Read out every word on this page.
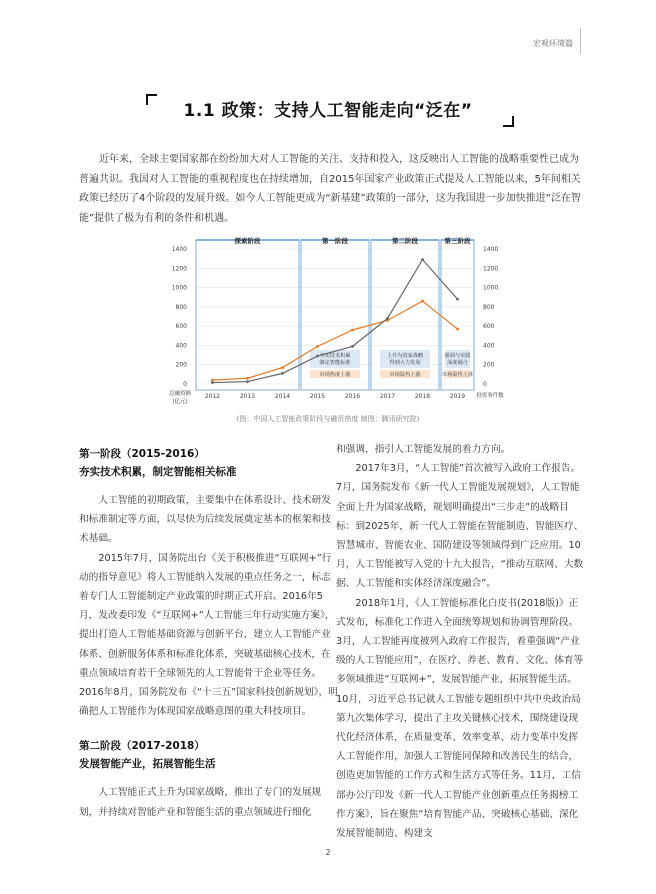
宏观环境篇
1.1 政策：支持人工智能走向“泛在”

近年来，全球主要国家都在纷纷加大对人工智能的关注、支持和投入，这反映出人工智能的战略重要性已成为普遍共识。我国对人工智能的重视程度也在持续增加，自2015年国家产业政策正式提及人工智能以来，5年间相关政策已经历了4个阶段的发展升级。如今人工智能更成为“新基建”政策的一部分，这为我国进一步加快推进“泛在智能”提供了极为有利的条件和机遇。

0
200
400
600
800
1000
1200
1400
0
200
400
600
800
1000
1200
1400
探索阶段	第一阶段
夯实技术积累
制定智能标准
市场热度上涨
第二阶段
上升为国家战略
得到大力发展
市场温热上涨
第三阶段
强调与实践
深度融合
市场温热上涨
2012	2013	2014	2015	2016	2017	2018	2019
总融资额
(亿元)
投资事件数
(图：中国人工智能政策阶段与融资热度 制图：腾讯研究院)

第一阶段（2015-2016）

夯实技术积累，制定智能相关标准

人工智能的初期政策，主要集中在体系设计、技术研发和标准制定等方面，以尽快为后续发展奠定基本的框架和技术基础。

2015年7月，国务院出台《关于积极推进“互联网+”行动的指导意见》将人工智能纳入发展的重点任务之一，标志着专门人工智能制定产业政策的时期正式开启。2016年5月，发改委印发《“互联网+”人工智能三年行动实施方案》，提出打造人工智能基础资源与创新平台，建立人工智能产业体系、创新服务体系和标准化体系，突破基础核心技术，在重点领域培育若干全球领先的人工智能骨干企业等任务。2016年8月，国务院发布《“十三五”国家科技创新规划》，明确把人工智能作为体现国家战略意图的重大科技项目。

第二阶段（2017-2018）

发展智能产业，拓展智能生活

人工智能正式上升为国家战略，推出了专门的发展规划，并持续对智能产业和智能生活的重点领域进行细化

和强调，指引人工智能发展的着力方向。

2017年3月，“人工智能”首次被写入政府工作报告。7月，国务院发布《新一代人工智能发展规划》，人工智能全面上升为国家战略，规划明确提出“三步走”的战略目标：到2025年，新一代人工智能在智能制造、智能医疗、智慧城市、智能农业、国防建设等领域得到广泛应用。10月，人工智能被写入党的十九大报告，“推动互联网、大数据、人工智能和实体经济深度融合”。

2018年1月，《人工智能标准化白皮书(2018版)》正式发布，标准化工作进入全面统筹规划和协调管理阶段。3月，人工智能再度被列入政府工作报告，着重强调“产业级的人工智能应用”，在医疗、养老、教育、文化、体育等多领域推进“互联网+”，发展智能产业，拓展智能生活。10月，习近平总书记就人工智能专题组织中共中央政治局第九次集体学习，提出了主攻关键核心技术，围绕建设现代化经济体系，在质量变革、效率变革、动力变革中发挥人工智能作用，加强人工智能同保障和改善民生的结合，创造更加智能的工作方式和生活方式等任务。11月，工信部办公厅印发《新一代人工智能产业创新重点任务揭榜工作方案》，旨在聚焦“培育智能产品、突破核心基础、深化发展智能制造、构建支

2
